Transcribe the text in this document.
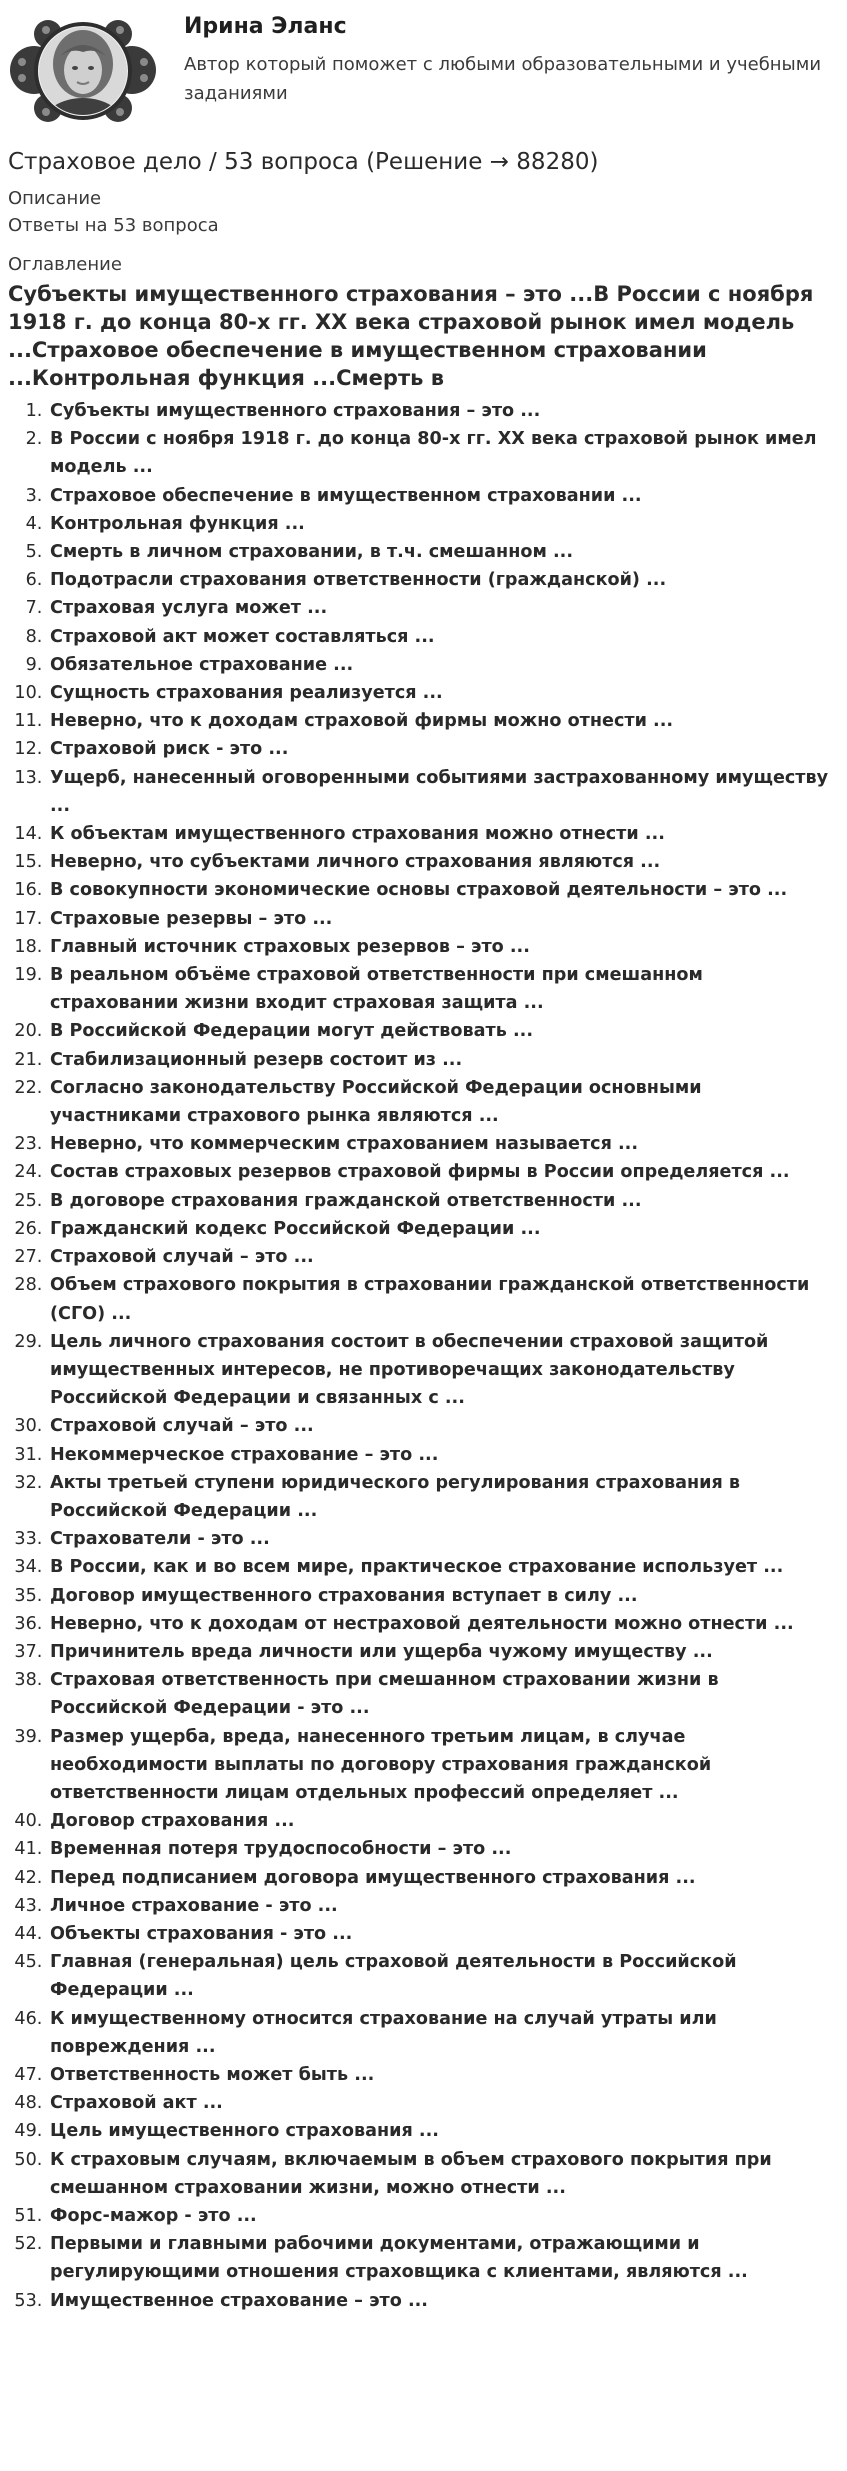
Ирина Эланс

Автор который поможет с любыми образовательными и учебными заданиями

Страховое дело / 53 вопроса (Решение → 88280)
Описание
Ответы на 53 вопроса
Оглавление

Субъекты имущественного страхования – это ...В России с ноября 1918 г. до конца 80-х гг. XX века страховой рынок имел модель ...Страховое обеспечение в имущественном страховании ...Контрольная функция ...Смерть в

1. Субъекты имущественного страхования – это ...
2. В России с ноября 1918 г. до конца 80-х гг. XX века страховой рынок имел модель ...
3. Страховое обеспечение в имущественном страховании ...
4. Контрольная функция ...
5. Смерть в личном страховании, в т.ч. смешанном ...
6. Подотрасли страхования ответственности (гражданской) ...
7. Страховая услуга может ...
8. Страховой акт может составляться ...
9. Обязательное страхование ...
10. Сущность страхования реализуется ...
11. Неверно, что к доходам страховой фирмы можно отнести ...
12. Страховой риск - это ...
13. Ущерб, нанесенный оговоренными событиями застрахованному имуществу ...
14. К объектам имущественного страхования можно отнести ...
15. Неверно, что субъектами личного страхования являются ...
16. В совокупности экономические основы страховой деятельности – это ...
17. Страховые резервы – это ...
18. Главный источник страховых резервов – это ...
19. В реальном объёме страховой ответственности при смешанном страховании жизни входит страховая защита ...
20. В Российской Федерации могут действовать ...
21. Стабилизационный резерв состоит из ...
22. Согласно законодательству Российской Федерации основными участниками страхового рынка являются ...
23. Неверно, что коммерческим страхованием называется ...
24. Состав страховых резервов страховой фирмы в России определяется ...
25. В договоре страхования гражданской ответственности ...
26. Гражданский кодекс Российской Федерации ...
27. Страховой случай – это ...
28. Объем страхового покрытия в страховании гражданской ответственности (СГО) ...
29. Цель личного страхования состоит в обеспечении страховой защитой имущественных интересов, не противоречащих законодательству Российской Федерации и связанных с ...
30. Страховой случай – это ...
31. Некоммерческое страхование – это ...
32. Акты третьей ступени юридического регулирования страхования в Российской Федерации ...
33. Страхователи - это ...
34. В России, как и во всем мире, практическое страхование использует ...
35. Договор имущественного страхования вступает в силу ...
36. Неверно, что к доходам от нестраховой деятельности можно отнести ...
37. Причинитель вреда личности или ущерба чужому имуществу ...
38. Страховая ответственность при смешанном страховании жизни в Российской Федерации - это ...
39. Размер ущерба, вреда, нанесенного третьим лицам, в случае необходимости выплаты по договору страхования гражданской ответственности лицам отдельных профессий определяет ...
40. Договор страхования ...
41. Временная потеря трудоспособности – это ...
42. Перед подписанием договора имущественного страхования ...
43. Личное страхование - это ...
44. Объекты страхования - это ...
45. Главная (генеральная) цель страховой деятельности в Российской Федерации ...
46. К имущественному относится страхование на случай утраты или повреждения ...
47. Ответственность может быть ...
48. Страховой акт ...
49. Цель имущественного страхования ...
50. К страховым случаям, включаемым в объем страхового покрытия при смешанном страховании жизни, можно отнести ...
51. Форс-мажор - это ...
52. Первыми и главными рабочими документами, отражающими и регулирующими отношения страховщика с клиентами, являются ...
53. Имущественное страхование – это ...
